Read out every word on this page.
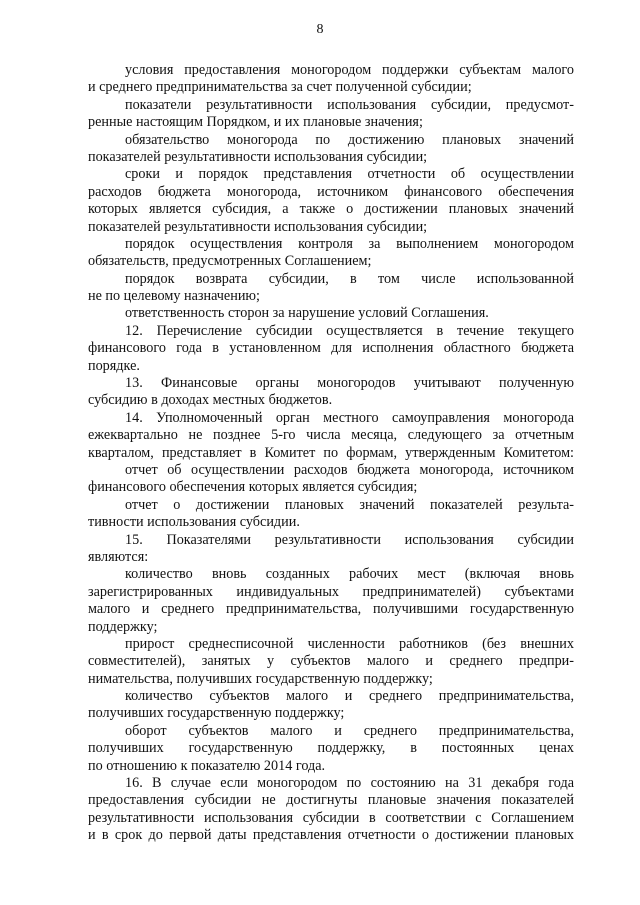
8
условия предоставления моногородом поддержки субъектам малого
и среднего предпринимательства за счет полученной субсидии;
показатели результативности использования субсидии, предусмот-
ренные настоящим Порядком, и их плановые значения;
обязательство моногорода по достижению плановых значений
показателей результативности использования субсидии;
сроки и порядок представления отчетности об осуществлении
расходов бюджета моногорода, источником финансового обеспечения
которых является субсидия, а также о достижении плановых значений
показателей результативности использования субсидии;
порядок осуществления контроля за выполнением моногородом
обязательств, предусмотренных Соглашением;
порядок возврата субсидии, в том числе использованной
не по целевому назначению;
ответственность сторон за нарушение условий Соглашения.
12. Перечисление субсидии осуществляется в течение текущего
финансового года в установленном для исполнения областного бюджета
порядке.
13. Финансовые органы моногородов учитывают полученную
субсидию в доходах местных бюджетов.
14. Уполномоченный орган местного самоуправления моногорода
ежеквартально не позднее 5-го числа месяца, следующего за отчетным
кварталом, представляет в Комитет по формам, утвержденным Комитетом:
отчет об осуществлении расходов бюджета моногорода, источником
финансового обеспечения которых является субсидия;
отчет о достижении плановых значений показателей результа-
тивности использования субсидии.
15. Показателями результативности использования субсидии
являются:
количество вновь созданных рабочих мест (включая вновь
зарегистрированных индивидуальных предпринимателей) субъектами
малого и среднего предпринимательства, получившими государственную
поддержку;
прирост среднесписочной численности работников (без внешних
совместителей), занятых у субъектов малого и среднего предпри-
нимательства, получивших государственную поддержку;
количество субъектов малого и среднего предпринимательства,
получивших государственную поддержку;
оборот субъектов малого и среднего предпринимательства,
получивших государственную поддержку, в постоянных ценах
по отношению к показателю 2014 года.
16. В случае если моногородом по состоянию на 31 декабря года
предоставления субсидии не достигнуты плановые значения показателей
результативности использования субсидии в соответствии с Соглашением
и в срок до первой даты представления отчетности о достижении плановых
